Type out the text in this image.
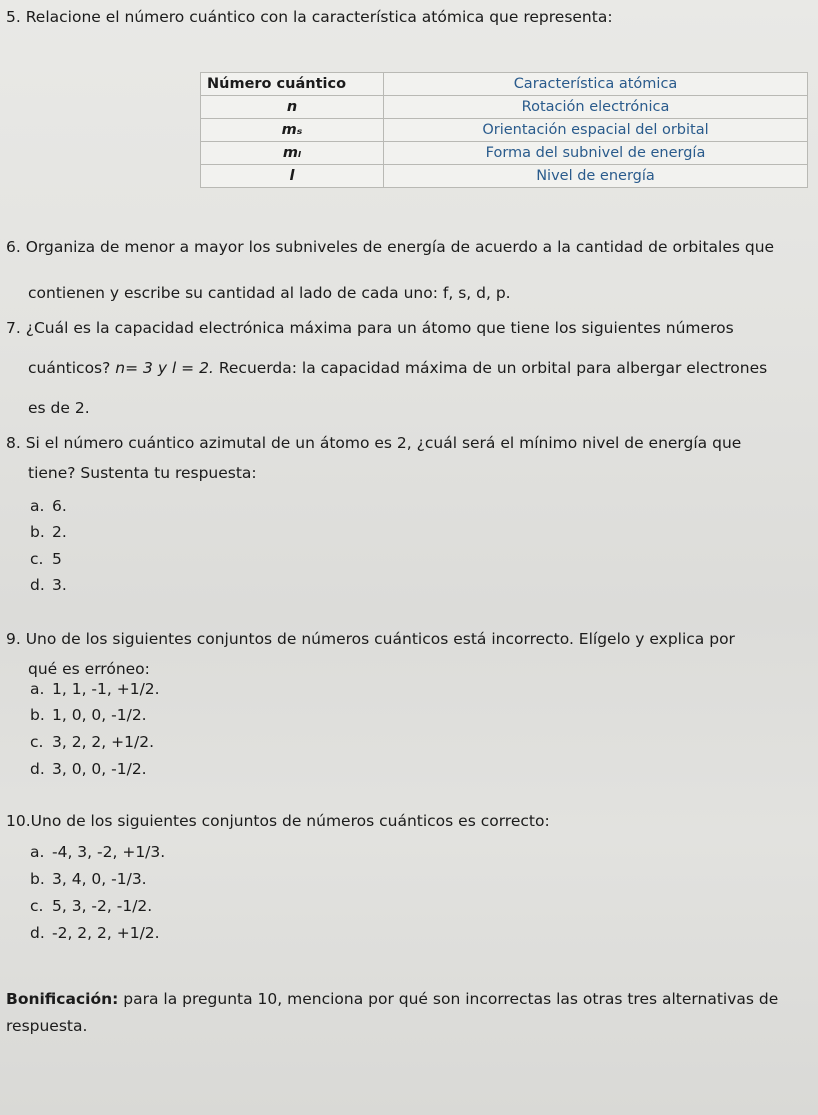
5. Relacione el número cuántico con la característica atómica que representa:
Número cuántico	Característica atómica
n	Rotación electrónica
mₛ	Orientación espacial del orbital
mₗ	Forma del subnivel de energía
l	Nivel de energía
6. Organiza de menor a mayor los subniveles de energía de acuerdo a la cantidad de orbitales que
contienen y escribe su cantidad al lado de cada uno: f, s, d, p.
7. ¿Cuál es la capacidad electrónica máxima para un átomo que tiene los siguientes números
cuánticos? n= 3 y l = 2. Recuerda: la capacidad máxima de un orbital para albergar electrones
es de 2.
8. Si el número cuántico azimutal de un átomo es 2, ¿cuál será el mínimo nivel de energía que
tiene? Sustenta tu respuesta:
a. 6.
b. 2.
c. 5
d. 3.
9. Uno de los siguientes conjuntos de números cuánticos está incorrecto. Elígelo y explica por
qué es erróneo:
a. 1, 1, -1, +1/2.
b. 1, 0, 0, -1/2.
c. 3, 2, 2, +1/2.
d. 3, 0, 0, -1/2.
10.Uno de los siguientes conjuntos de números cuánticos es correcto:
a. -4, 3, -2, +1/3.
b. 3, 4, 0, -1/3.
c. 5, 3, -2, -1/2.
d. -2, 2, 2, +1/2.
Bonificación: para la pregunta 10, menciona por qué son incorrectas las otras tres alternativas de
respuesta.
